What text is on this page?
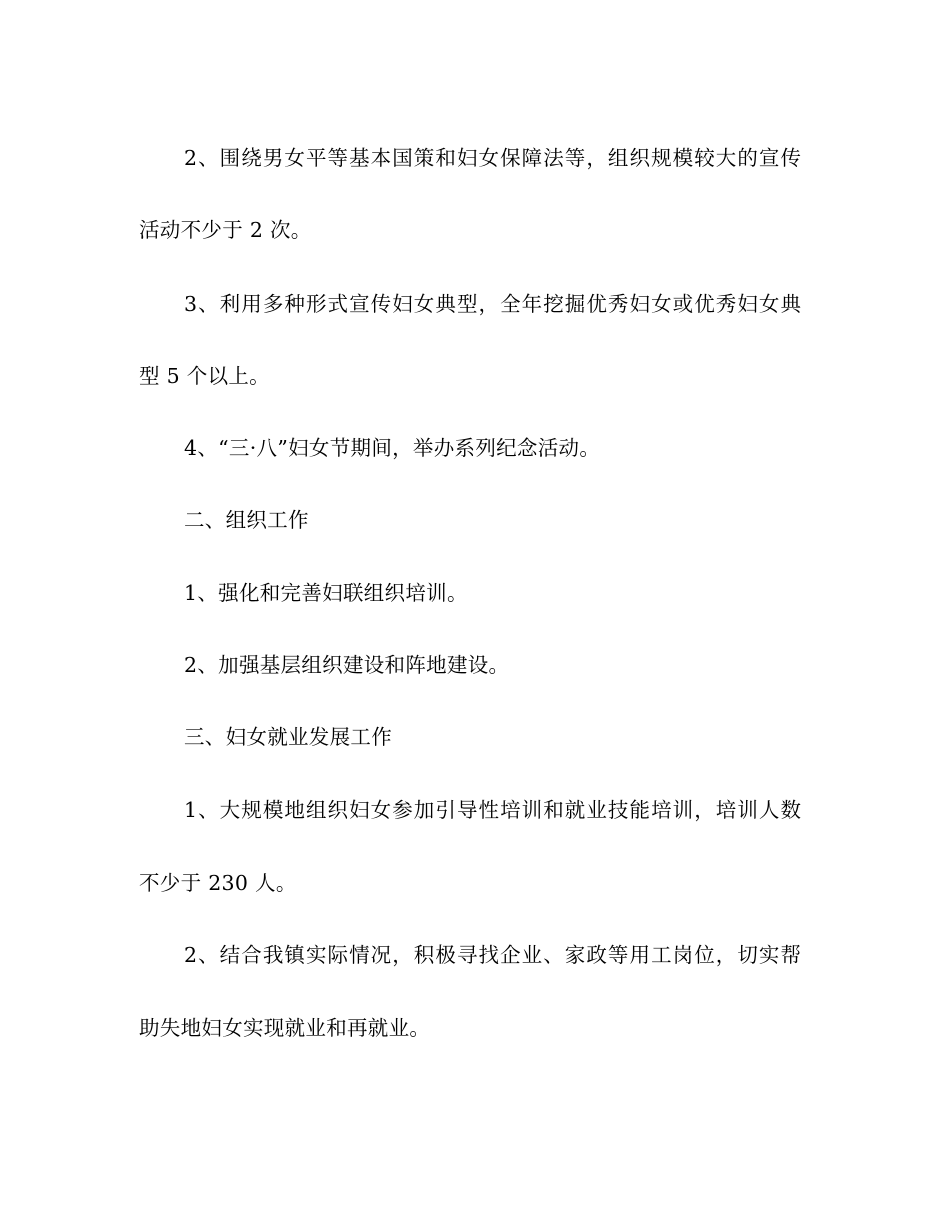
2、围绕男女平等基本国策和妇女保障法等，组织规模较大的宣传
活动不少于 2 次。
3、利用多种形式宣传妇女典型，全年挖掘优秀妇女或优秀妇女典
型 5 个以上。
4、“三·八”妇女节期间，举办系列纪念活动。
二、组织工作
1、强化和完善妇联组织培训。
2、加强基层组织建设和阵地建设。
三、妇女就业发展工作
1、大规模地组织妇女参加引导性培训和就业技能培训，培训人数
不少于 230 人。
2、结合我镇实际情况，积极寻找企业、家政等用工岗位，切实帮
助失地妇女实现就业和再就业。
